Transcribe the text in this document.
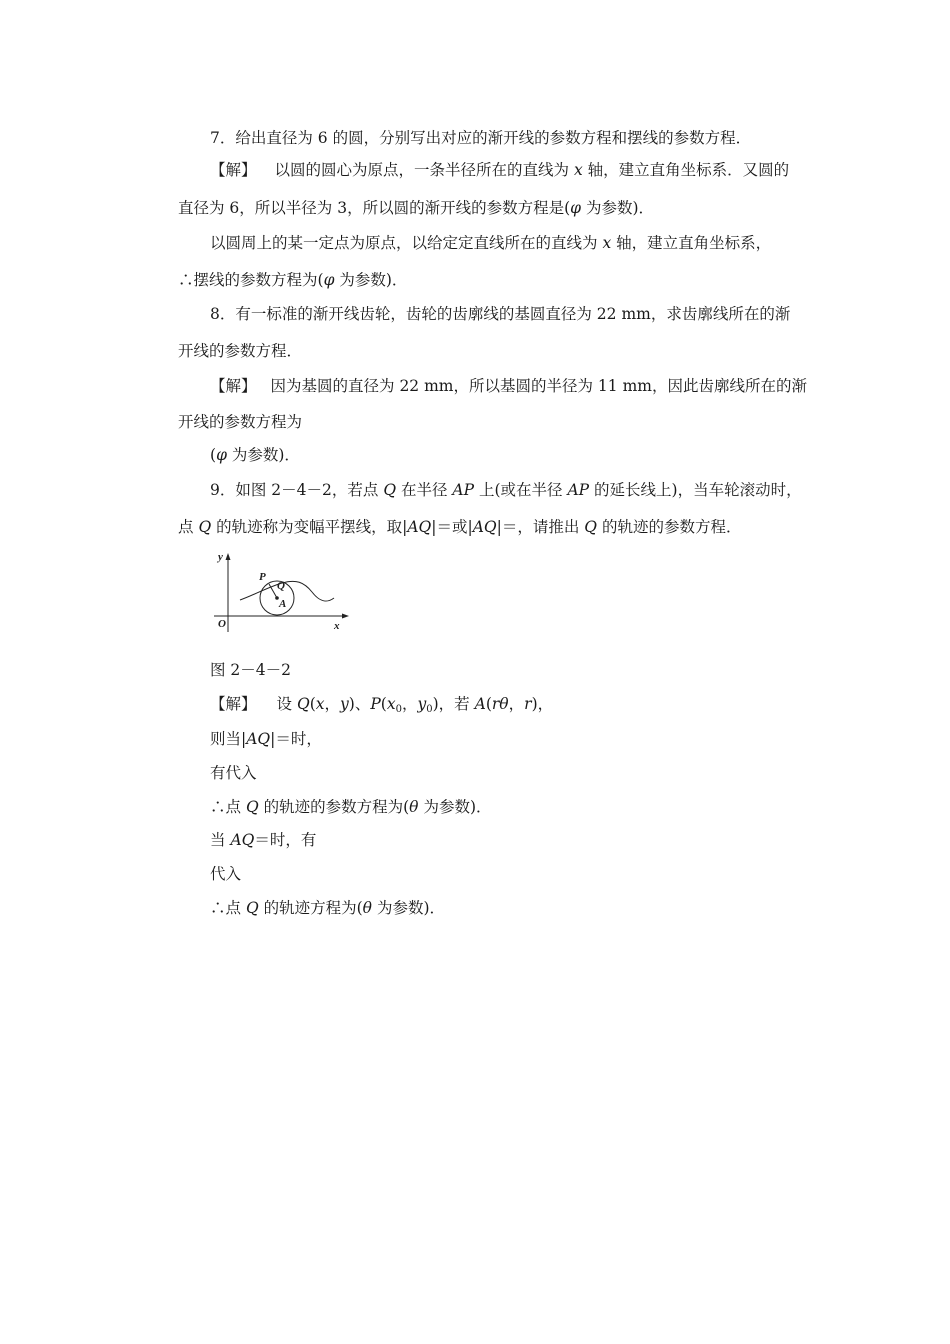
7．给出直径为 6 的圆，分别写出对应的渐开线的参数方程和摆线的参数方程．
【解】 以圆的圆心为原点，一条半径所在的直线为 x 轴，建立直角坐标系．又圆的
直径为 6，所以半径为 3，所以圆的渐开线的参数方程是(φ 为参数)．
以圆周上的某一定点为原点，以给定定直线所在的直线为 x 轴，建立直角坐标系，
∴摆线的参数方程为(φ 为参数)．
8．有一标准的渐开线齿轮，齿轮的齿廓线的基圆直径为 22 mm，求齿廓线所在的渐
开线的参数方程．
【解】 因为基圆的直径为 22 mm，所以基圆的半径为 11 mm，因此齿廓线所在的渐
开线的参数方程为
(φ 为参数)．
9．如图 2－4－2，若点 Q 在半径 AP 上(或在半径 AP 的延长线上)，当车轮滚动时，
点 Q 的轨迹称为变幅平摆线，取|AQ|＝或|AQ|＝，请推出 Q 的轨迹的参数方程．
y
P
Q
A
O	x
图 2－4－2
【解】 设 Q(x，y)、$P(x_0$，$y_0$)，若 A(rθ，r)，
则当|AQ|＝时，
有代入
∴点 Q 的轨迹的参数方程为(θ 为参数)．
当 AQ＝时，有
代入
∴点 Q 的轨迹方程为(θ 为参数)．
